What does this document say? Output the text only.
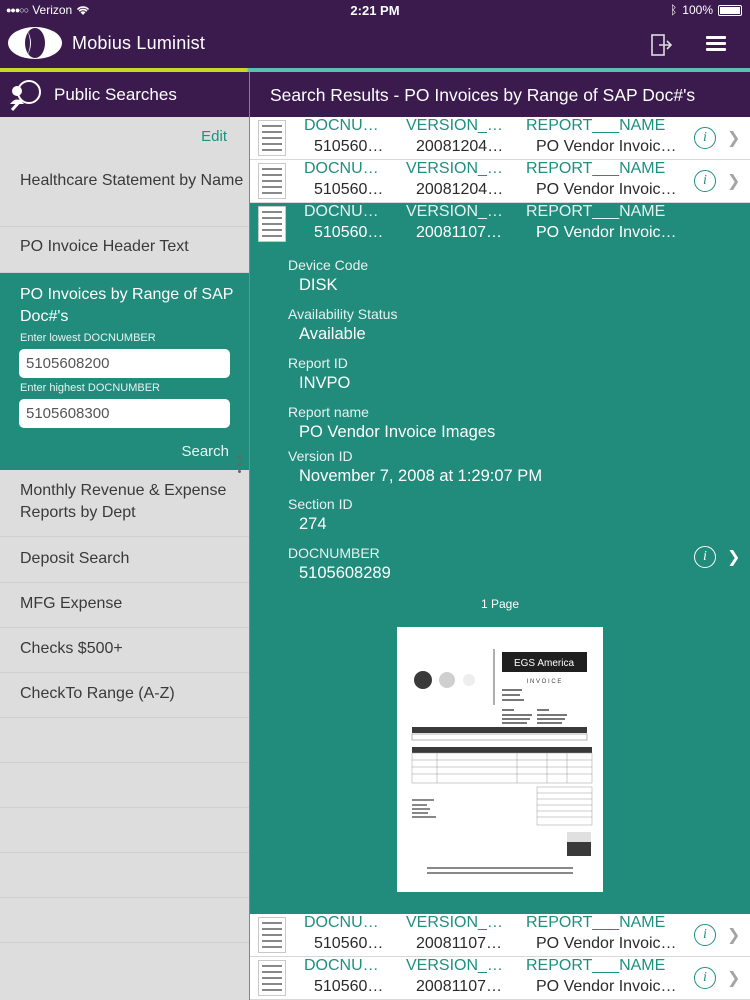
●●●○○ Verizon	2:21 PM	ᛒ 100%
Mobius Luminist
Public Searches
Edit
Healthcare Statement by Name
PO Invoice Header Text
PO Invoices by Range of SAP Doc#'s
Enter lowest DOCNUMBER
5105608200
Enter highest DOCNUMBER
5105608300
Search
Monthly Revenue & Expense Reports by Dept
Deposit Search
MFG Expense
Checks $500+
CheckTo Range (A-Z)
Search Results - PO Invoices by Range of SAP Doc#'s
DOCNU… VERSION_… REPORT___NAME
510560… 20081204… PO Vendor Invoic…
i	❯
DOCNU… VERSION_… REPORT___NAME
510560… 20081204… PO Vendor Invoic…
i	❯
DOCNU… VERSION_… REPORT___NAME
510560… 20081107… PO Vendor Invoic…
Device Code
DISK
Availability Status
Available
Report ID
INVPO
Report name
PO Vendor Invoice Images
Version ID
November 7, 2008 at 1:29:07 PM
Section ID
274
DOCNUMBER
5105608289
i	❯
1 Page
EGS America
I N V O I C E
DOCNU… VERSION_… REPORT___NAME
510560… 20081107… PO Vendor Invoic…
i	❯
DOCNU… VERSION_… REPORT___NAME
510560… 20081107… PO Vendor Invoic…
i	❯
